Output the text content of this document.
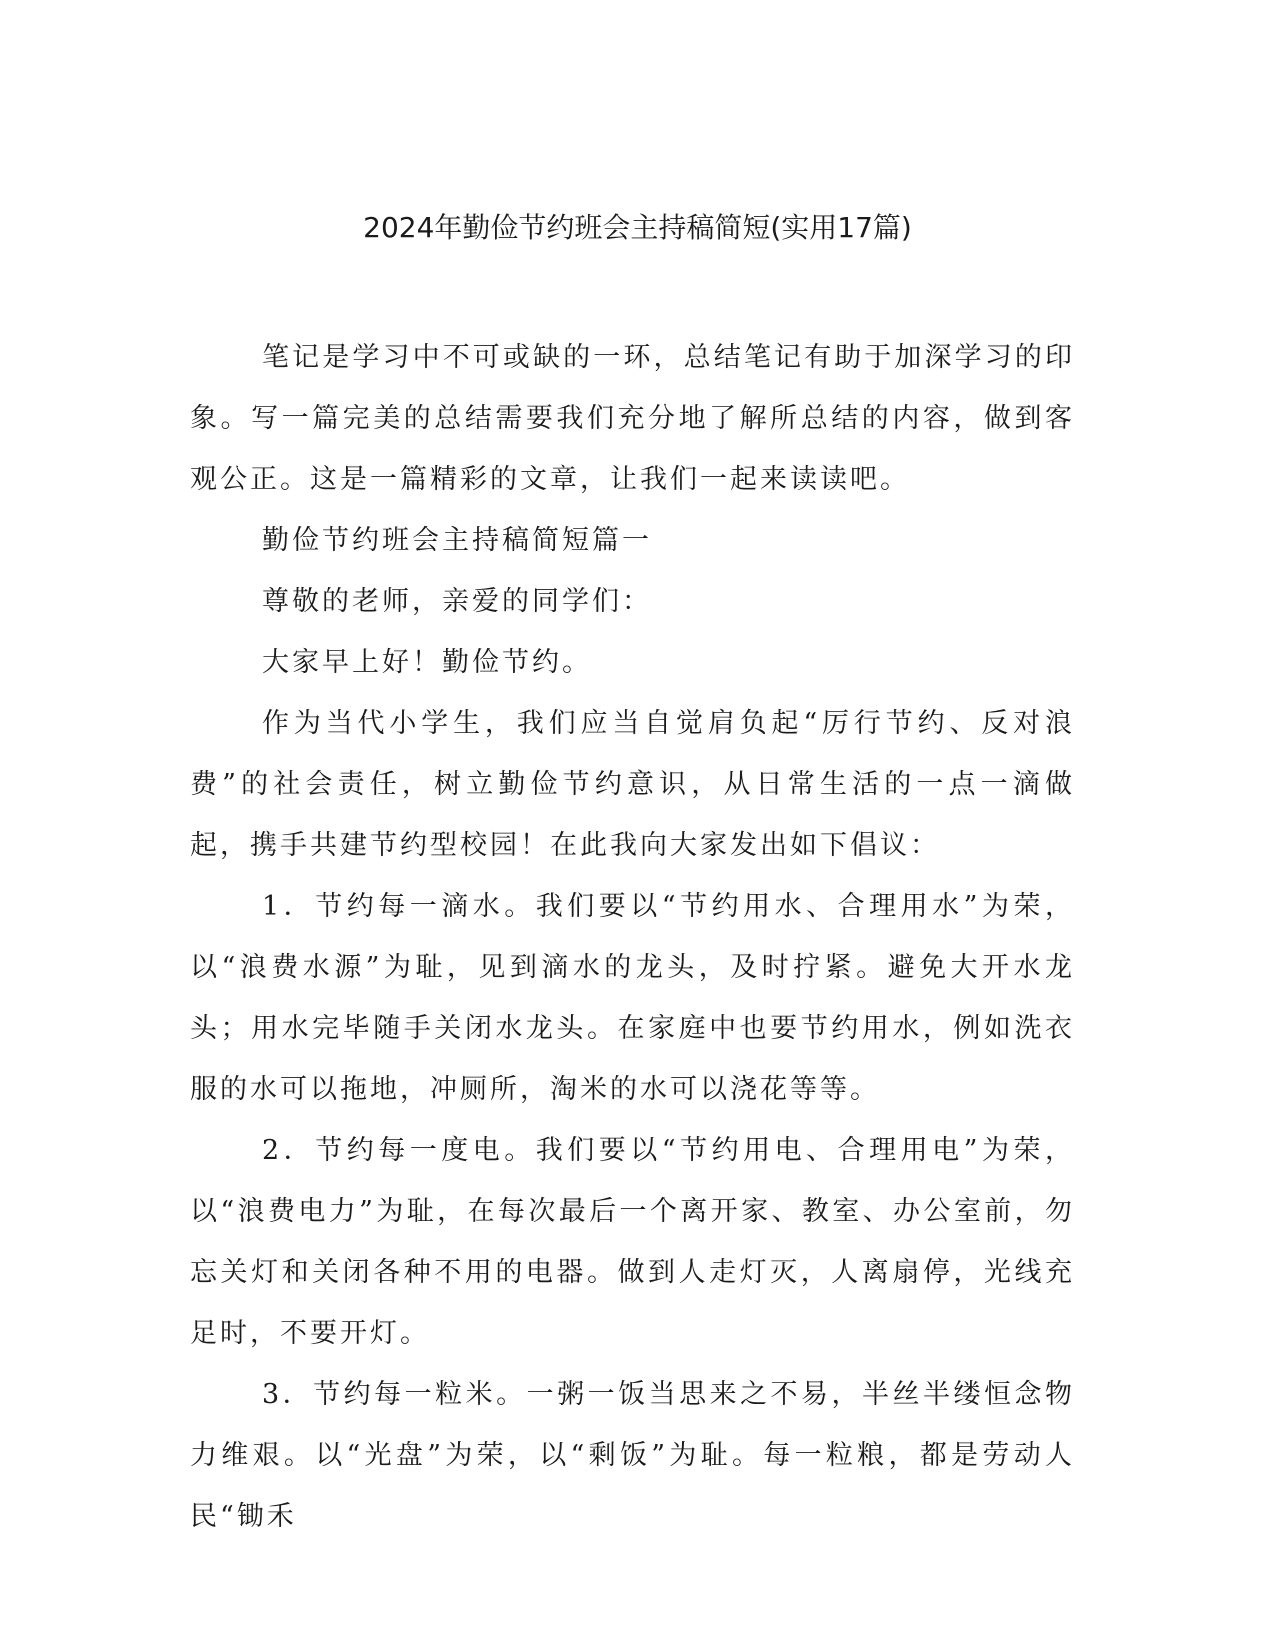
2024年勤俭节约班会主持稿简短(实用17篇)

笔记是学习中不可或缺的一环，总结笔记有助于加深学习的印象。写一篇完美的总结需要我们充分地了解所总结的内容，做到客观公正。这是一篇精彩的文章，让我们一起来读读吧。

勤俭节约班会主持稿简短篇一

尊敬的老师，亲爱的同学们：

大家早上好！勤俭节约。

作为当代小学生，我们应当自觉肩负起“厉行节约、反对浪费”的社会责任，树立勤俭节约意识，从日常生活的一点一滴做起，携手共建节约型校园！在此我向大家发出如下倡议：

1．节约每一滴水。我们要以“节约用水、合理用水”为荣，以“浪费水源”为耻，见到滴水的龙头，及时拧紧。避免大开水龙头；用水完毕随手关闭水龙头。在家庭中也要节约用水，例如洗衣服的水可以拖地，冲厕所，淘米的水可以浇花等等。

2．节约每一度电。我们要以“节约用电、合理用电”为荣，以“浪费电力”为耻，在每次最后一个离开家、教室、办公室前，勿忘关灯和关闭各种不用的电器。做到人走灯灭，人离扇停，光线充足时，不要开灯。

3．节约每一粒米。一粥一饭当思来之不易，半丝半缕恒念物力维艰。以“光盘”为荣，以“剩饭”为耻。每一粒粮，都是劳动人民“锄禾
